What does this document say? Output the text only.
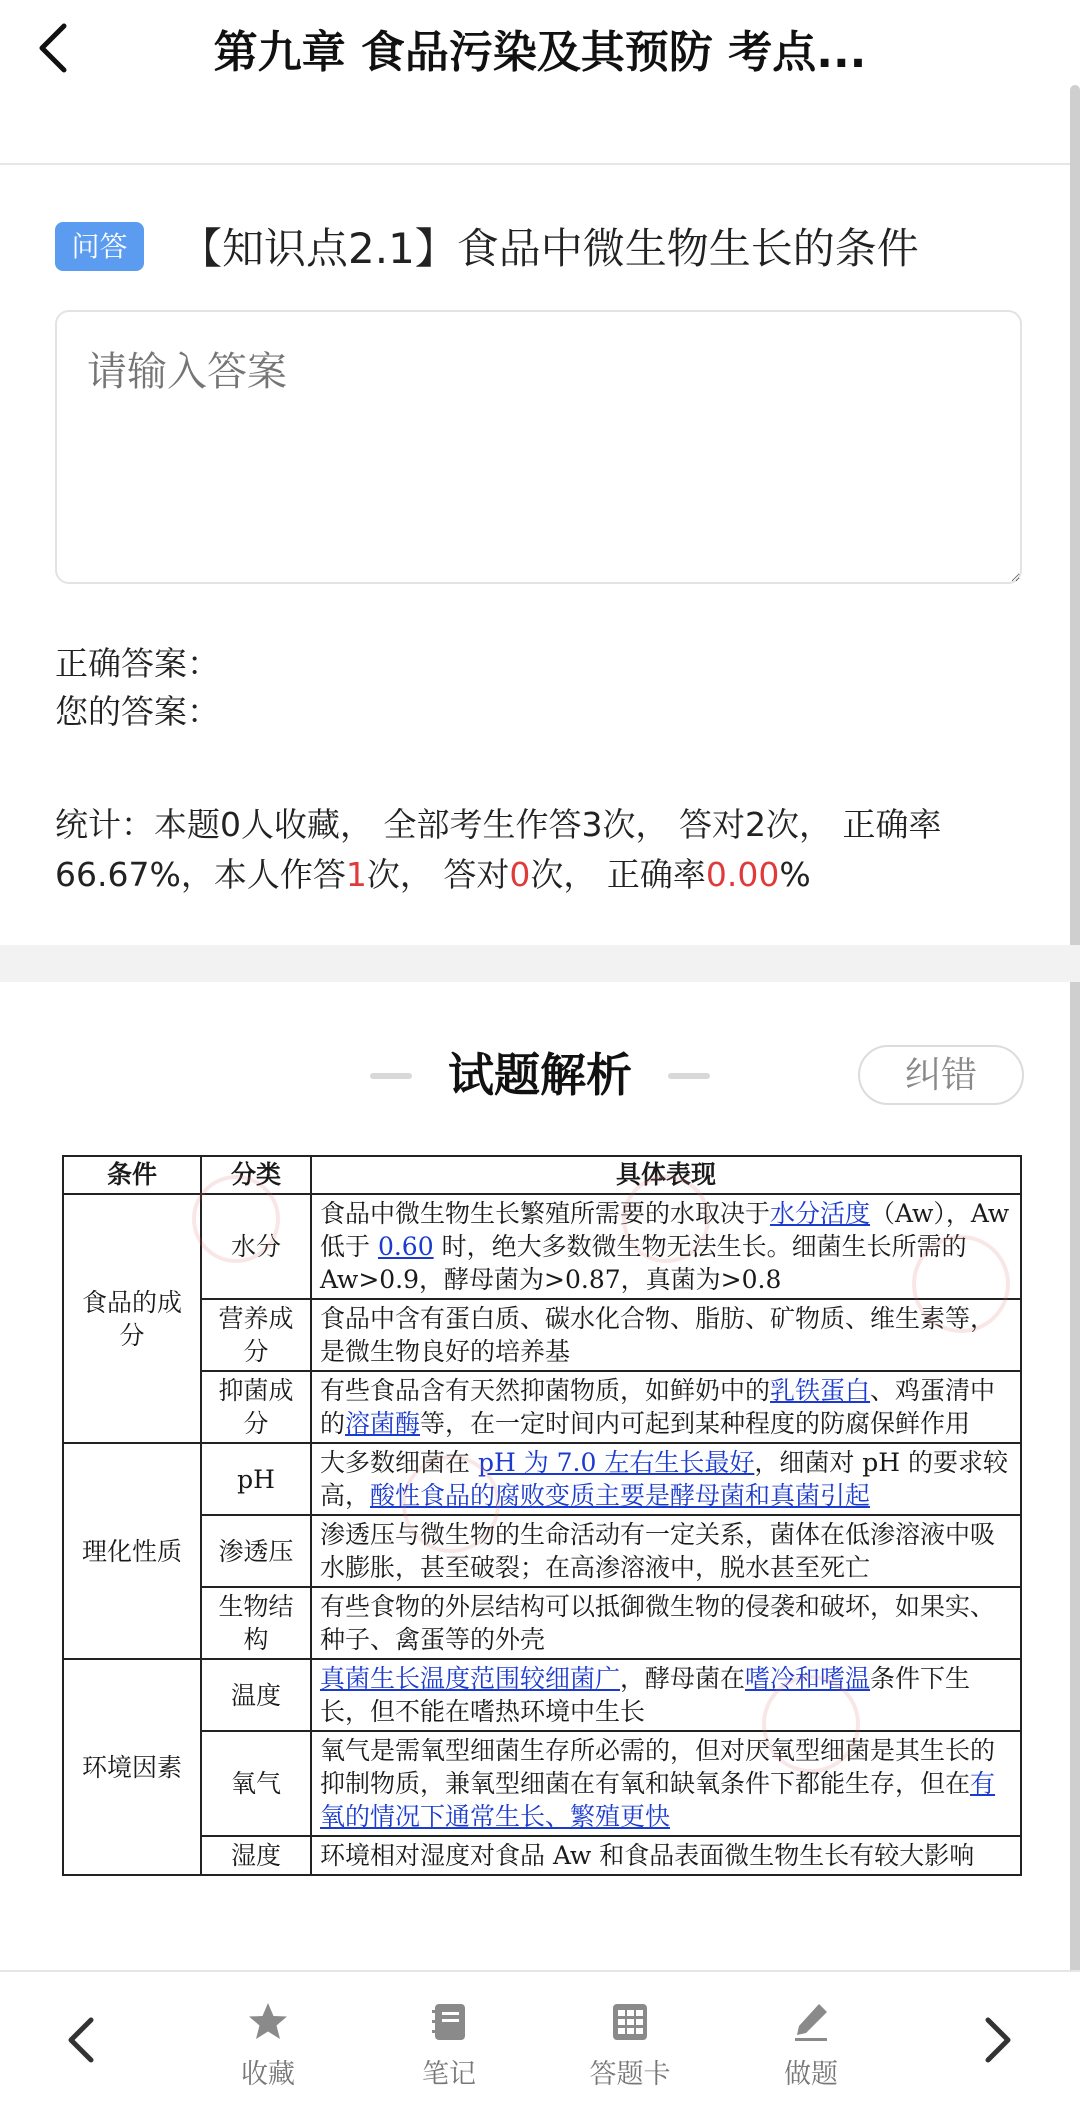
第九章 食品污染及其预防 考点...
问答	【知识点2.1】食品中微生物生长的条件
请输入答案
正确答案：
您的答案：
统计：本题0人收藏， 全部考生作答3次， 答对2次， 正确率66.67%，本人作答1次， 答对0次， 正确率0.00%
试题解析	纠错
条件	分类	具体表现
食品的成分	水分	食品中微生物生长繁殖所需要的水取决于水分活度（Aw），Aw 低于 0.60 时，绝大多数微生物无法生长。细菌生长所需的 Aw>0.9，酵母菌为>0.87，真菌为>0.8
	营养成分	食品中含有蛋白质、碳水化合物、脂肪、矿物质、维生素等，是微生物良好的培养基
	抑菌成分	有些食品含有天然抑菌物质，如鲜奶中的乳铁蛋白、鸡蛋清中的溶菌酶等，在一定时间内可起到某种程度的防腐保鲜作用
理化性质	pH	大多数细菌在 pH 为 7.0 左右生长最好，细菌对 pH 的要求较高，酸性食品的腐败变质主要是酵母菌和真菌引起
	渗透压	渗透压与微生物的生命活动有一定关系，菌体在低渗溶液中吸水膨胀，甚至破裂；在高渗溶液中，脱水甚至死亡
	生物结构	有些食物的外层结构可以抵御微生物的侵袭和破坏，如果实、种子、禽蛋等的外壳
环境因素	温度	真菌生长温度范围较细菌广，酵母菌在嗜冷和嗜温条件下生长，但不能在嗜热环境中生长
	氧气	氧气是需氧型细菌生存所必需的，但对厌氧型细菌是其生长的抑制物质，兼氧型细菌在有氧和缺氧条件下都能生存，但在有氧的情况下通常生长、繁殖更快
	湿度	环境相对湿度对食品 Aw 和食品表面微生物生长有较大影响
收藏	笔记	答题卡	做题
